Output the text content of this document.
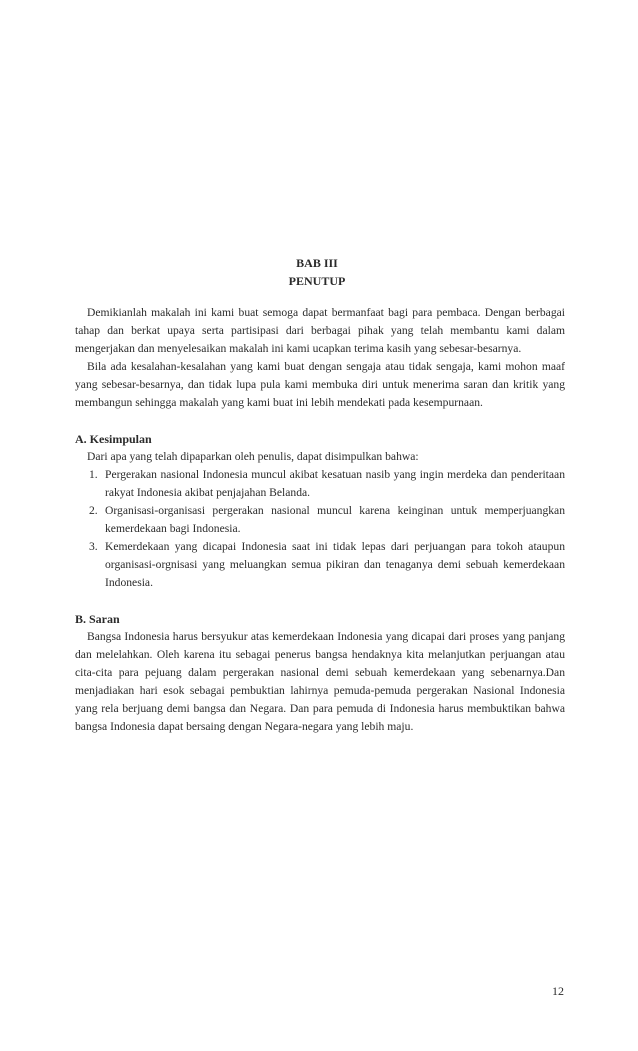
BAB III
PENUTUP

Demikianlah makalah ini kami buat semoga dapat bermanfaat bagi para pembaca. Dengan berbagai tahap dan berkat upaya serta partisipasi dari berbagai pihak yang telah membantu kami dalam mengerjakan dan menyelesaikan makalah ini kami ucapkan terima kasih yang sebesar-besarnya.

Bila ada kesalahan-kesalahan yang kami buat dengan sengaja atau tidak sengaja, kami mohon maaf yang sebesar-besarnya, dan tidak lupa pula kami membuka diri untuk menerima saran dan kritik yang membangun sehingga makalah yang kami buat ini lebih mendekati pada kesempurnaan.

A. Kesimpulan

Dari apa yang telah dipaparkan oleh penulis, dapat disimpulkan bahwa:

1. Pergerakan nasional Indonesia muncul akibat kesatuan nasib yang ingin merdeka dan penderitaan rakyat Indonesia akibat penjajahan Belanda.
2. Organisasi-organisasi pergerakan nasional muncul karena keinginan untuk memperjuangkan kemerdekaan bagi Indonesia.
3. Kemerdekaan yang dicapai Indonesia saat ini tidak lepas dari perjuangan para tokoh ataupun organisasi-orgnisasi yang meluangkan semua pikiran dan tenaganya demi sebuah kemerdekaan Indonesia.
B. Saran

Bangsa Indonesia harus bersyukur atas kemerdekaan Indonesia yang dicapai dari proses yang panjang dan melelahkan. Oleh karena itu sebagai penerus bangsa hendaknya kita melanjutkan perjuangan atau cita-cita para pejuang dalam pergerakan nasional demi sebuah kemerdekaan yang sebenarnya.Dan menjadiakan hari esok sebagai pembuktian lahirnya pemuda-pemuda pergerakan Nasional Indonesia yang rela berjuang demi bangsa dan Negara. Dan para pemuda di Indonesia harus membuktikan bahwa bangsa Indonesia dapat bersaing dengan Negara-negara yang lebih maju.

12
